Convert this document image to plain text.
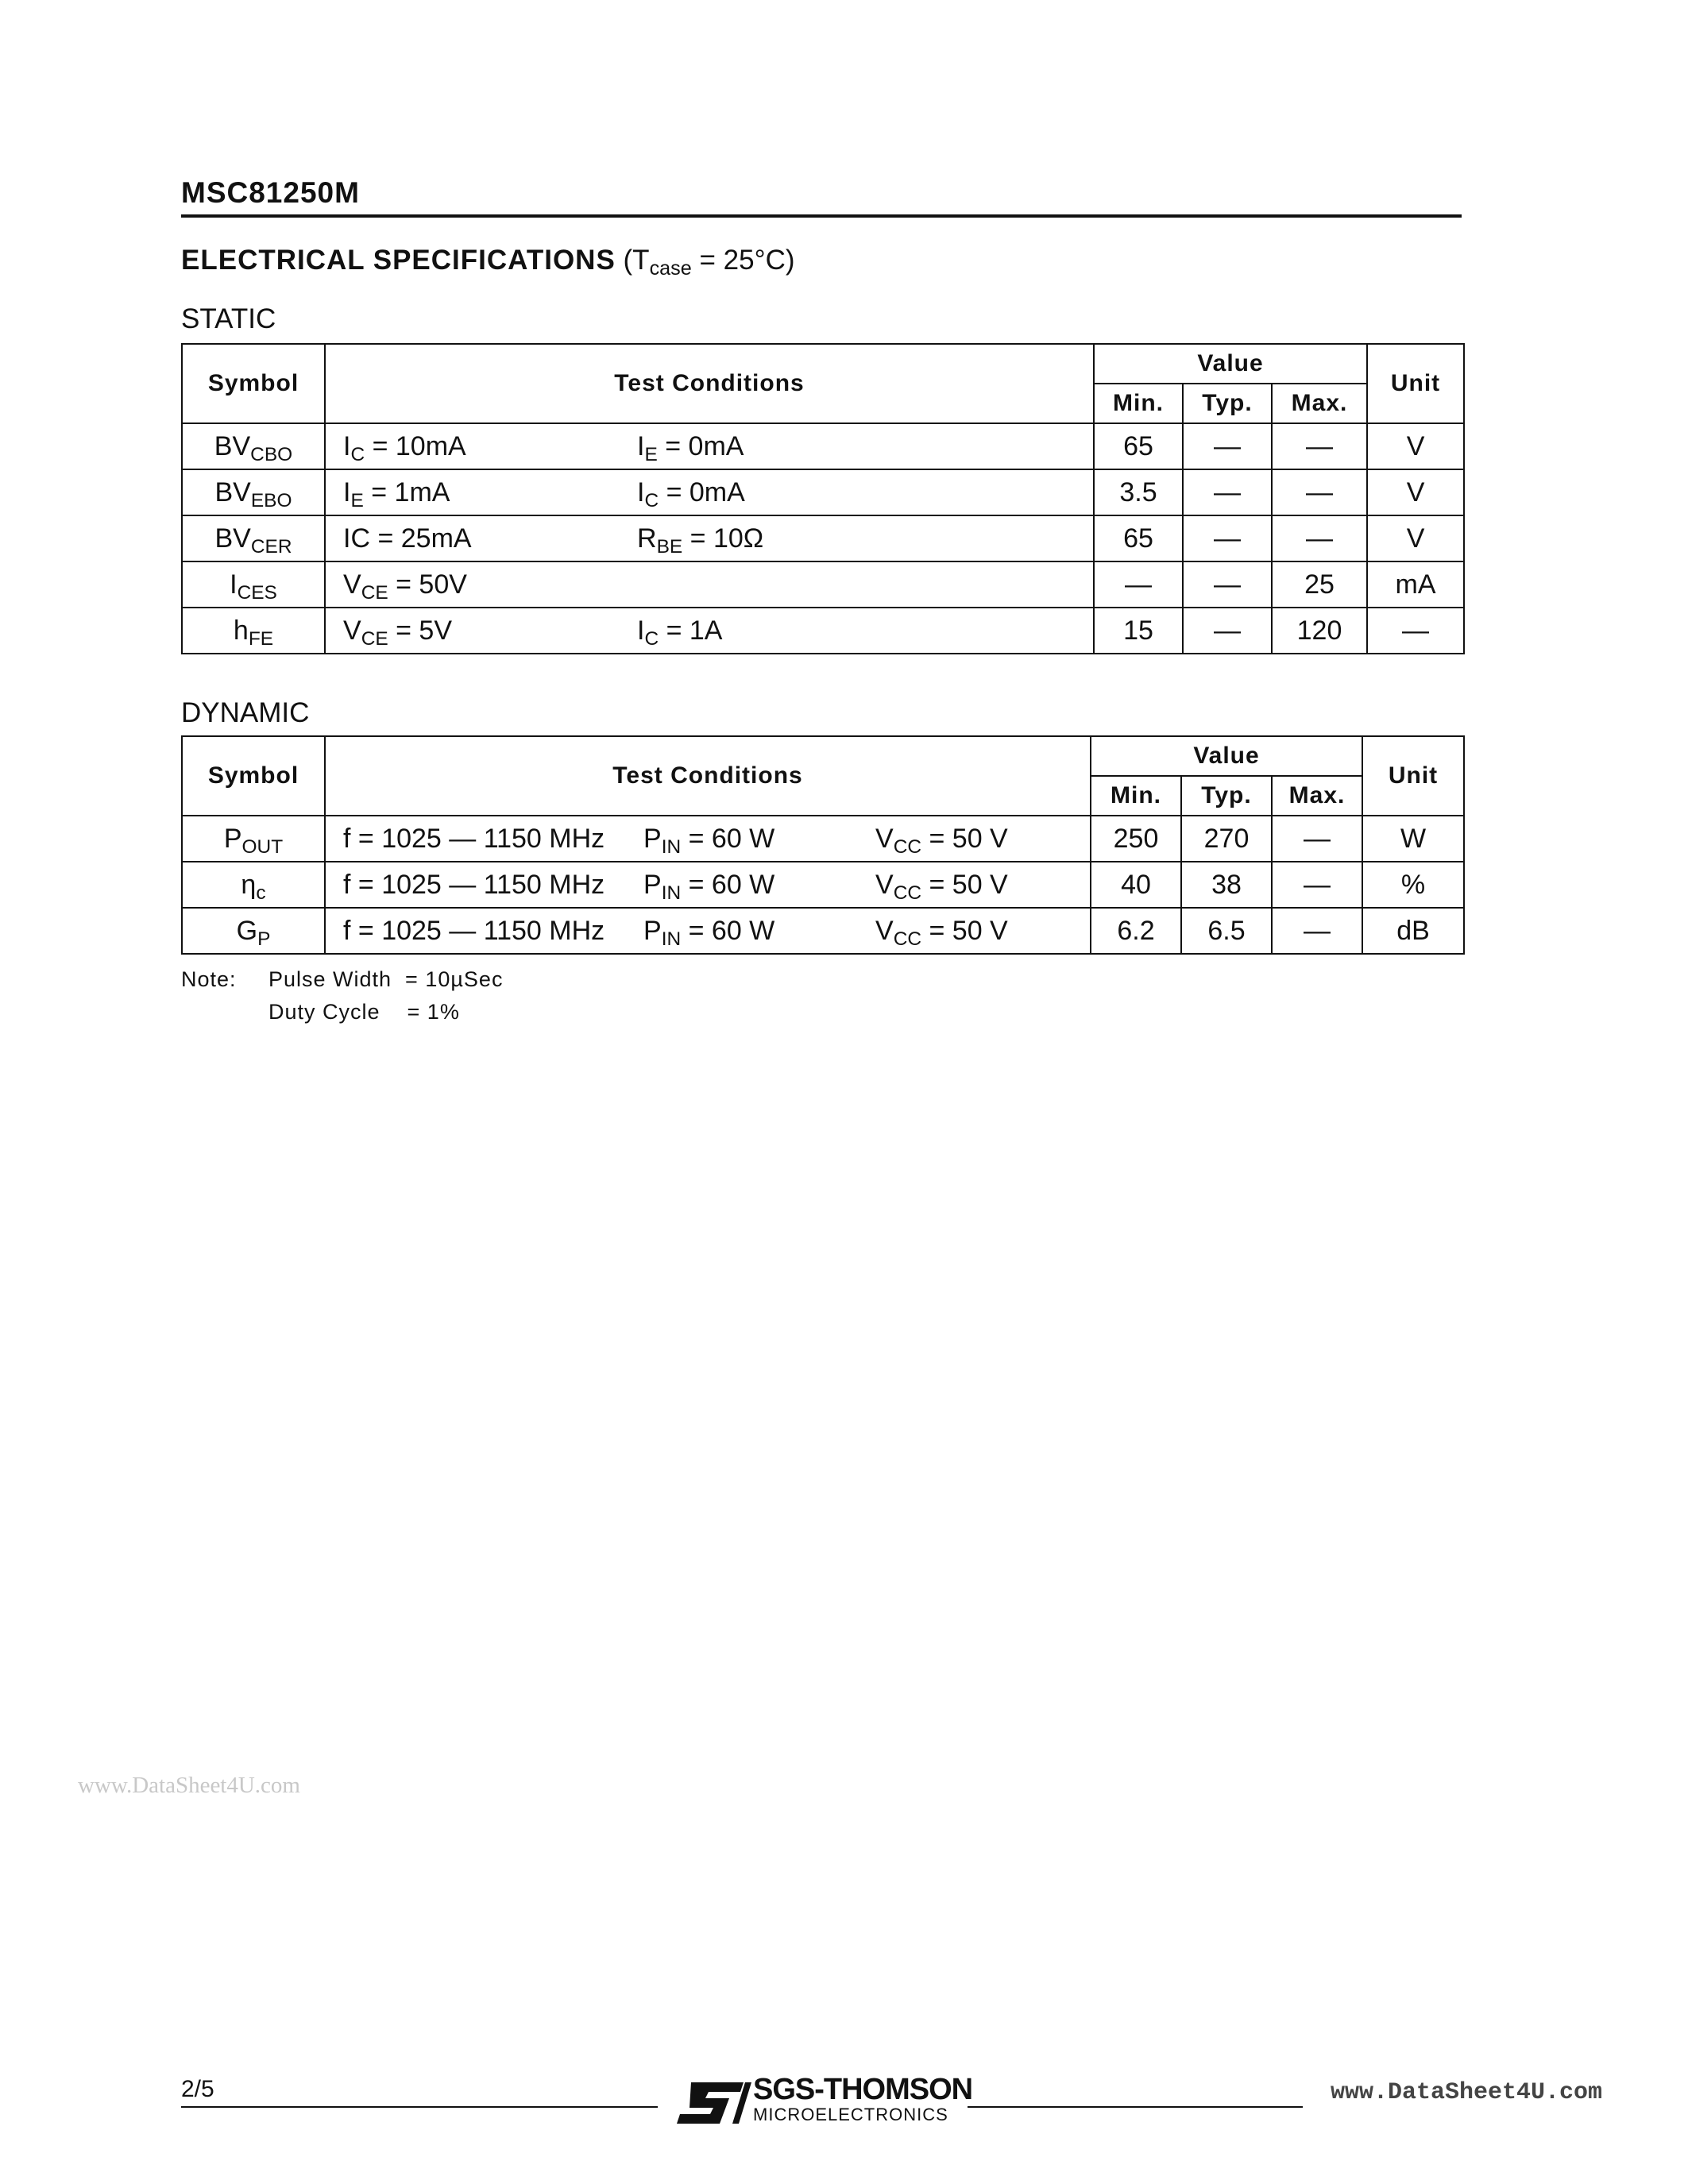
MSC81250M
ELECTRICAL SPECIFICATIONS $(T_{case} = 25^\circ C)$
STATIC
Symbol	Test Conditions	Value			Unit
		Min.	Typ.	Max.	
$BV_{CBO}$	$I_C = 10mA$ $I_E = 0mA$	65	—	—	V
$BV_{EBO}$	$I_E = 1mA$ $I_C = 0mA$	3.5	—	—	V
$BV_{CER}$	IC = 25mA $R_{BE} = 10\Omega$	65	—	—	V
$I_{CES}$	$V_{CE} = 50V$	—	—	25	mA
$h_{FE}$	$V_{CE} = 5V$ $I_C = 1A$	15	—	120	—
DYNAMIC
Symbol	Test Conditions	Value			Unit
		Min.	Typ.	Max.	
$P_{OUT}$	f = 1025 — 1150 MHz $P_{IN} = 60$ W $V_{CC} = 50$ V	250	270	—	W
$\eta_c$	f = 1025 — 1150 MHz $P_{IN} = 60$ W $V_{CC} = 50$ V	40	38	—	%
$G_P$	f = 1025 — 1150 MHz $P_{IN} = 60$ W $V_{CC} = 50$ V	6.2	6.5	—	dB
Note: Pulse Width  = 10µSec
Duty Cycle    = 1%
www.DataSheet4U.com
2/5	SGS-THOMSON
MICROELECTRONICS
www.DataSheet4U.com
